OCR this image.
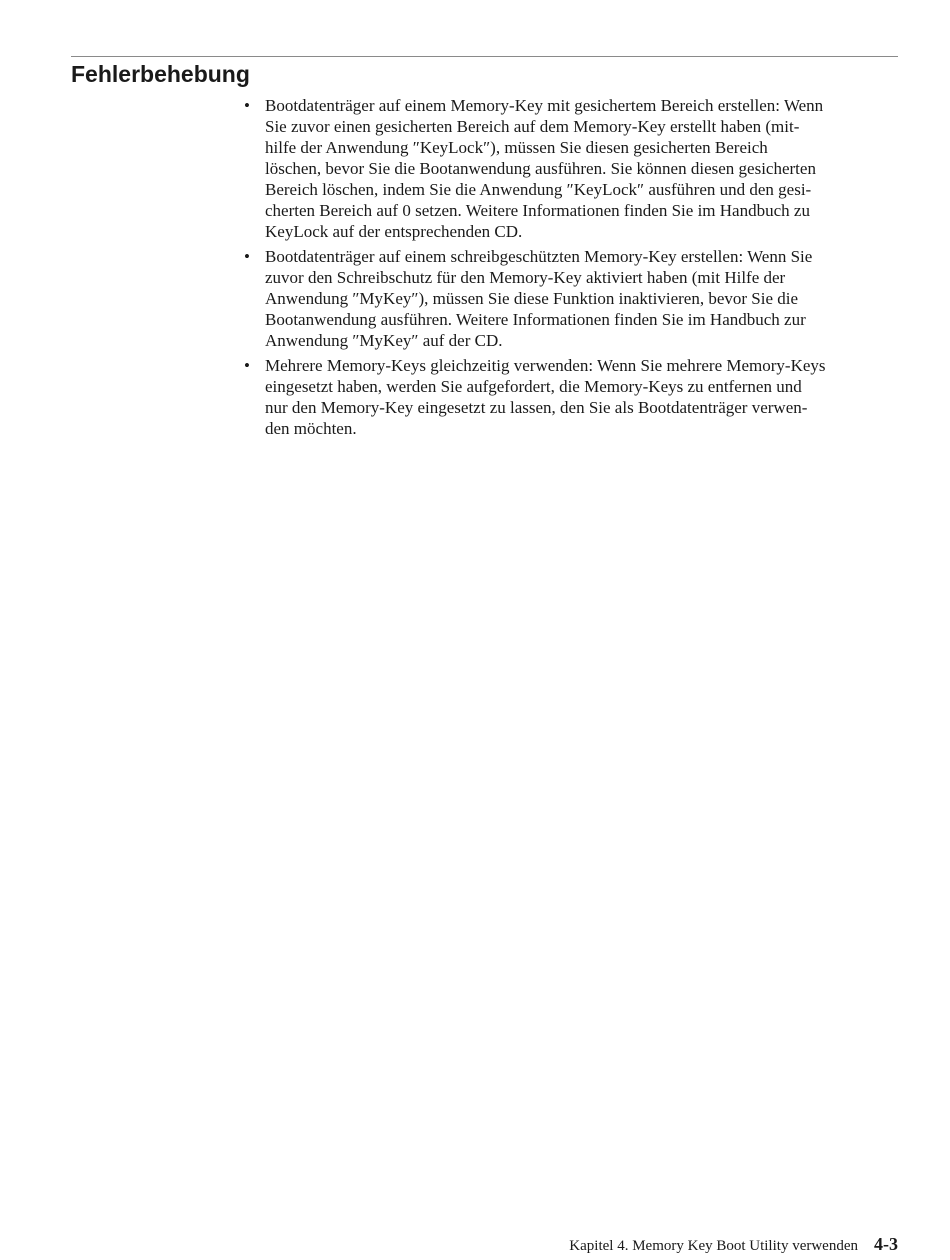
Fehlerbehebung
• Bootdatenträger auf einem Memory-Key mit gesichertem Bereich erstellen: Wenn
Sie zuvor einen gesicherten Bereich auf dem Memory-Key erstellt haben (mit-
hilfe der Anwendung ″KeyLock″), müssen Sie diesen gesicherten Bereich
löschen, bevor Sie die Bootanwendung ausführen. Sie können diesen gesicherten
Bereich löschen, indem Sie die Anwendung ″KeyLock″ ausführen und den gesi-
cherten Bereich auf 0 setzen. Weitere Informationen finden Sie im Handbuch zu
KeyLock auf der entsprechenden CD.
• Bootdatenträger auf einem schreibgeschützten Memory-Key erstellen: Wenn Sie
zuvor den Schreibschutz für den Memory-Key aktiviert haben (mit Hilfe der
Anwendung ″MyKey″), müssen Sie diese Funktion inaktivieren, bevor Sie die
Bootanwendung ausführen. Weitere Informationen finden Sie im Handbuch zur
Anwendung ″MyKey″ auf der CD.
• Mehrere Memory-Keys gleichzeitig verwenden: Wenn Sie mehrere Memory-Keys
eingesetzt haben, werden Sie aufgefordert, die Memory-Keys zu entfernen und
nur den Memory-Key eingesetzt zu lassen, den Sie als Bootdatenträger verwen-
den möchten.
Kapitel 4. Memory Key Boot Utility verwenden 4-3
